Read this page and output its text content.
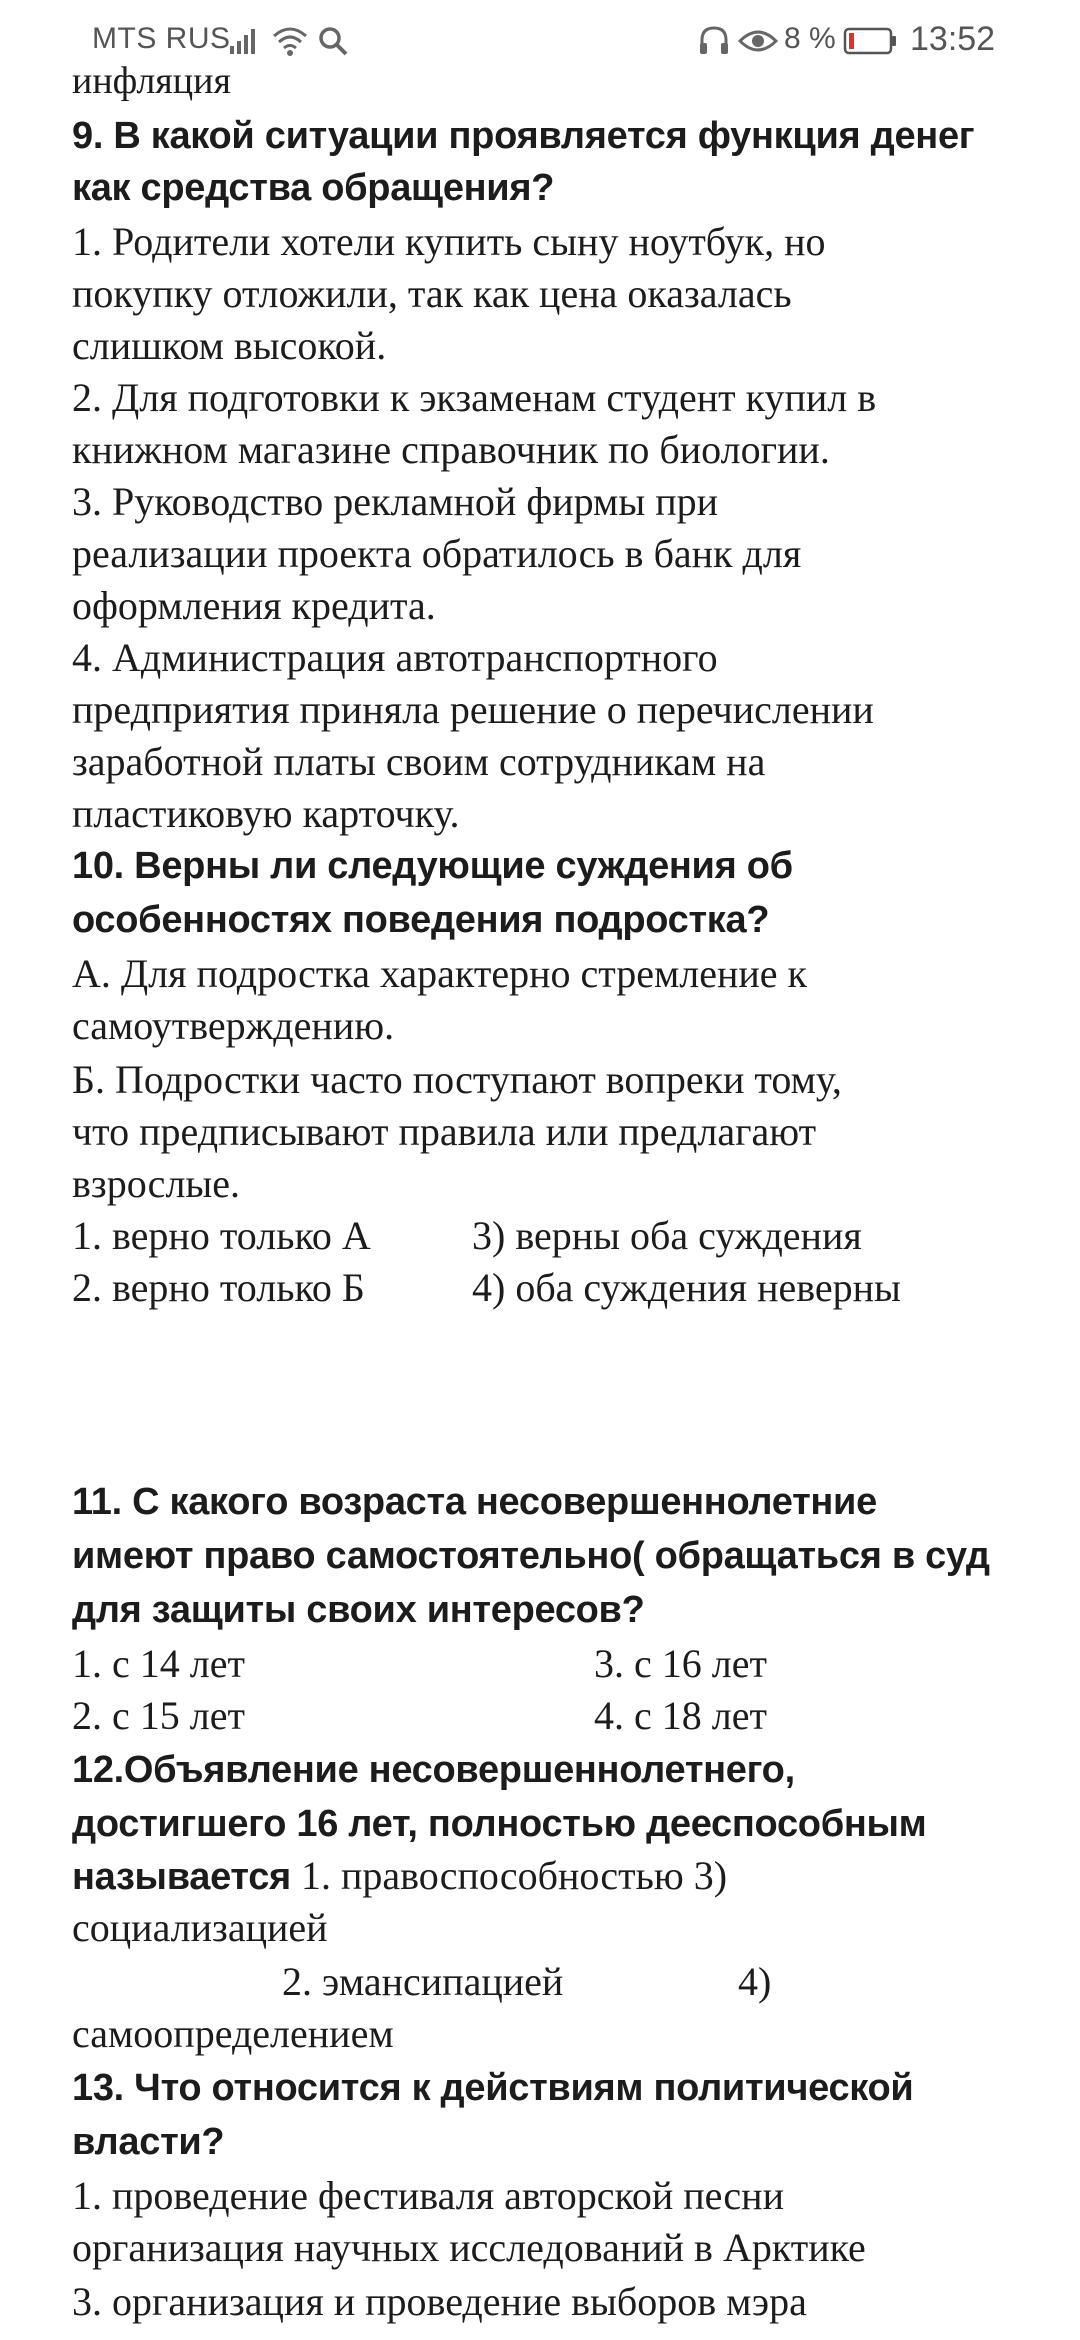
MTS RUS	8 % 13:52
инфляция
9. В какой ситуации проявляется функция денег
как средства обращения?
1. Родители хотели купить сыну ноутбук, но
покупку отложили, так как цена оказалась
слишком высокой.
2. Для подготовки к экзаменам студент купил в
книжном магазине справочник по биологии.
3. Руководство рекламной фирмы при
реализации проекта обратилось в банк для
оформления кредита.
4. Администрация автотранспортного
предприятия приняла решение о перечислении
заработной платы своим сотрудникам на
пластиковую карточку.
10. Верны ли следующие суждения об
особенностях поведения подростка?
А. Для подростка характерно стремление к
самоутверждению.
Б. Подростки часто поступают вопреки тому,
что предписывают правила или предлагают
взрослые.
1. верно только А	3) верны оба суждения
2. верно только Б	4) оба суждения неверны
11. С какого возраста несовершеннолетние
имеют право самостоятельно( обращаться в суд
для защиты своих интересов?
1. с 14 лет	3. с 16 лет
2. с 15 лет	4. с 18 лет
12.Объявление несовершеннолетнего,
достигшего 16 лет, полностью дееспособным
называется 1. правоспособностью 3)
социализацией
2. эмансипацией	4)
самоопределением
13. Что относится к действиям политической
власти?
1. проведение фестиваля авторской песни
организация научных исследований в Арктике
3. организация и проведение выборов мэра
